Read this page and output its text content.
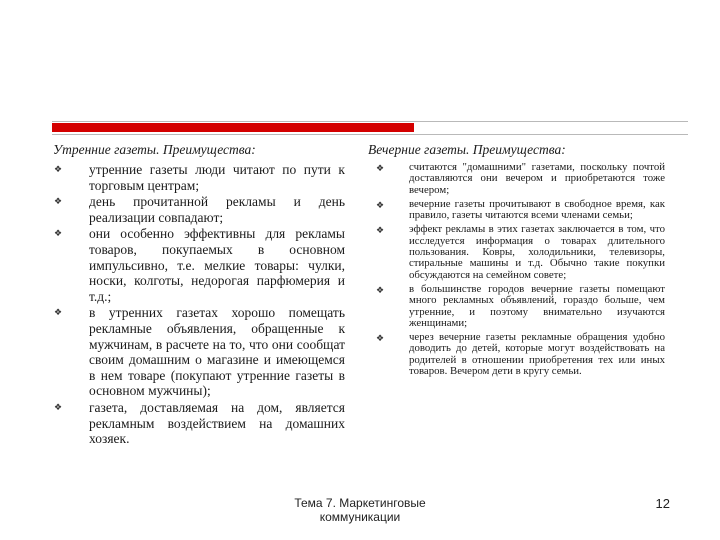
Утренние газеты. Преимущества:
❖ утренние газеты люди читают по пути к торговым центрам;
❖ день прочитанной рекламы и день реализации совпадают;
❖ они особенно эффективны для рекламы товаров, покупаемых в основном импульсивно, т.е. мелкие товары: чулки, носки, колготы, недорогая парфюмерия и т.д.;
❖ в утренних газетах хорошо помещать рекламные объявления, обращенные к мужчинам, в расчете на то, что они сообщат своим домашним о магазине и имеющемся в нем товаре (покупают утренние газеты в основном мужчины);
❖ газета, доставляемая на дом, является рекламным воздействием на домашних хозяек.
Вечерние газеты. Преимущества:
❖ считаются "домашними" газетами, поскольку почтой доставляются они вечером и приобретаются тоже вечером;
❖ вечерние газеты прочитывают в свободное время, как правило, газеты читаются всеми членами семьи;
❖ эффект рекламы в этих газетах заключается в том, что исследуется информация о товарах длительного пользования. Ковры, холодильники, телевизоры, стиральные машины и т.д. Обычно такие покупки обсуждаются на семейном совете;
❖ в большинстве городов вечерние газеты помещают много рекламных объявлений, гораздо больше, чем утренние, и поэтому внимательно изучаются женщинами;
❖ через вечерние газеты рекламные обращения удобно доводить до детей, которые могут воздействовать на родителей в отношении приобретения тех или иных товаров. Вечером дети в кругу семьи.
Тема 7. Маркетинговые
коммуникации
12
